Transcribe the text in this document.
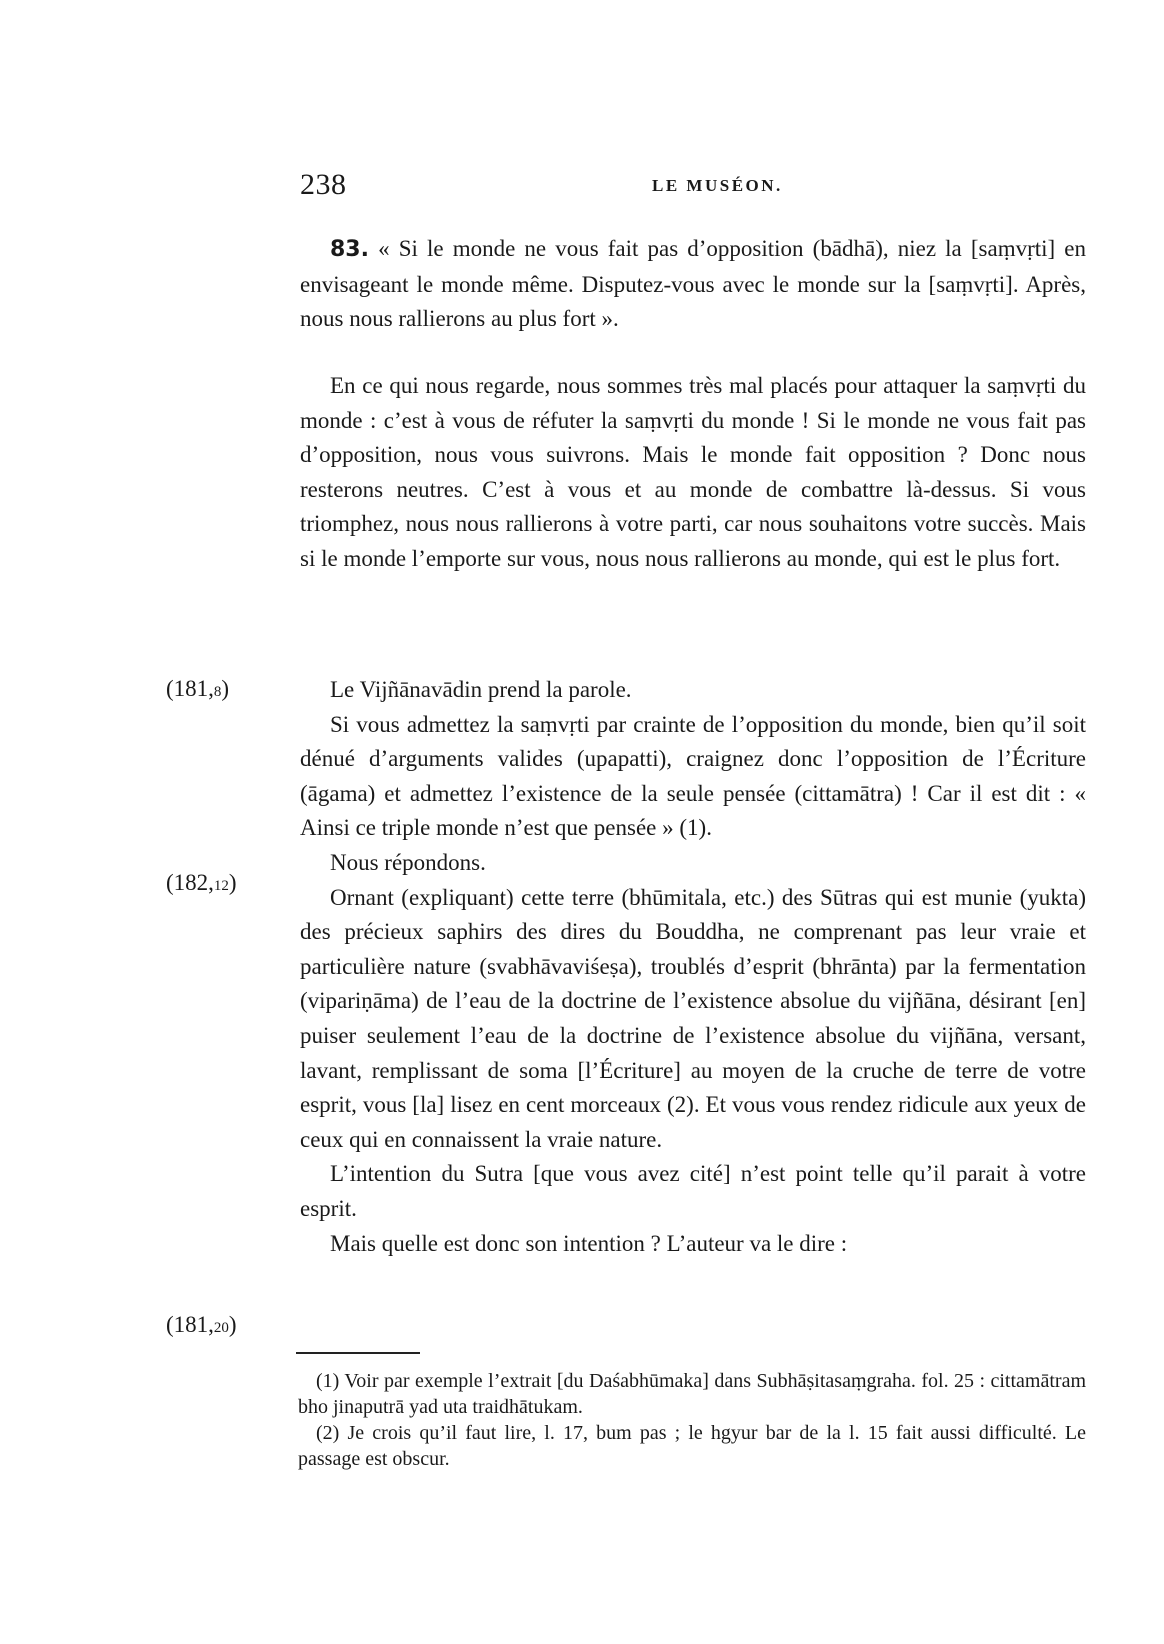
238	LE MUSÉON.

83. « Si le monde ne vous fait pas d’opposition (bādhā), niez la [saṃvṛti] en envisageant le monde même. Disputez-vous avec le monde sur la [saṃvṛti]. Après, nous nous rallierons au plus fort ».

En ce qui nous regarde, nous sommes très mal placés pour attaquer la saṃvṛti du monde : c’est à vous de réfuter la saṃvṛti du monde ! Si le monde ne vous fait pas d’opposition, nous vous suivrons. Mais le monde fait opposition ? Donc nous resterons neutres. C’est à vous et au monde de combattre là-dessus. Si vous triomphez, nous nous rallierons à votre parti, car nous souhaitons votre succès. Mais si le monde l’emporte sur vous, nous nous rallierons au monde, qui est le plus fort.

(181,8)	Le Vijñānavādin prend la parole.

Si vous admettez la saṃvṛti par crainte de l’opposition du monde, bien qu’il soit dénué d’arguments valides (upapatti), craignez donc l’opposition de l’Écriture (āgama) et admettez l’existence de la seule pensée (cittamātra) ! Car il est dit : « Ainsi ce triple monde n’est que pensée » (1).

Nous répondons.

Ornant (expliquant) cette terre (bhūmitala, etc.) des Sūtras qui est munie (yukta) des précieux saphirs des dires du Bouddha, ne comprenant pas leur vraie et particulière nature (svabhāvaviśeṣa), troublés d’esprit (bhrānta) par la fermentation (vipariṇāma) de l’eau de la doctrine de l’existence absolue du vijñāna, désirant [en] puiser seulement l’eau de la doctrine de l’existence absolue du vijñāna, versant, lavant, remplissant de soma [l’Écriture] au moyen de la cruche de terre de votre esprit, vous [la] lisez en cent morceaux (2). Et vous vous rendez ridicule aux yeux de ceux qui en connaissent la vraie nature.

L’intention du Sutra [que vous avez cité] n’est point telle qu’il parait à votre esprit.

Mais quelle est donc son intention ? L’auteur va le dire :

(182,12)
(181,20)

(1) Voir par exemple l’extrait [du Daśabhūmaka] dans Subhāṣitasaṃgraha. fol. 25 : cittamātram bho jinaputrā yad uta traidhātukam.

(2) Je crois qu’il faut lire, l. 17, bum pas ; le hgyur bar de la l. 15 fait aussi difficulté. Le passage est obscur.
